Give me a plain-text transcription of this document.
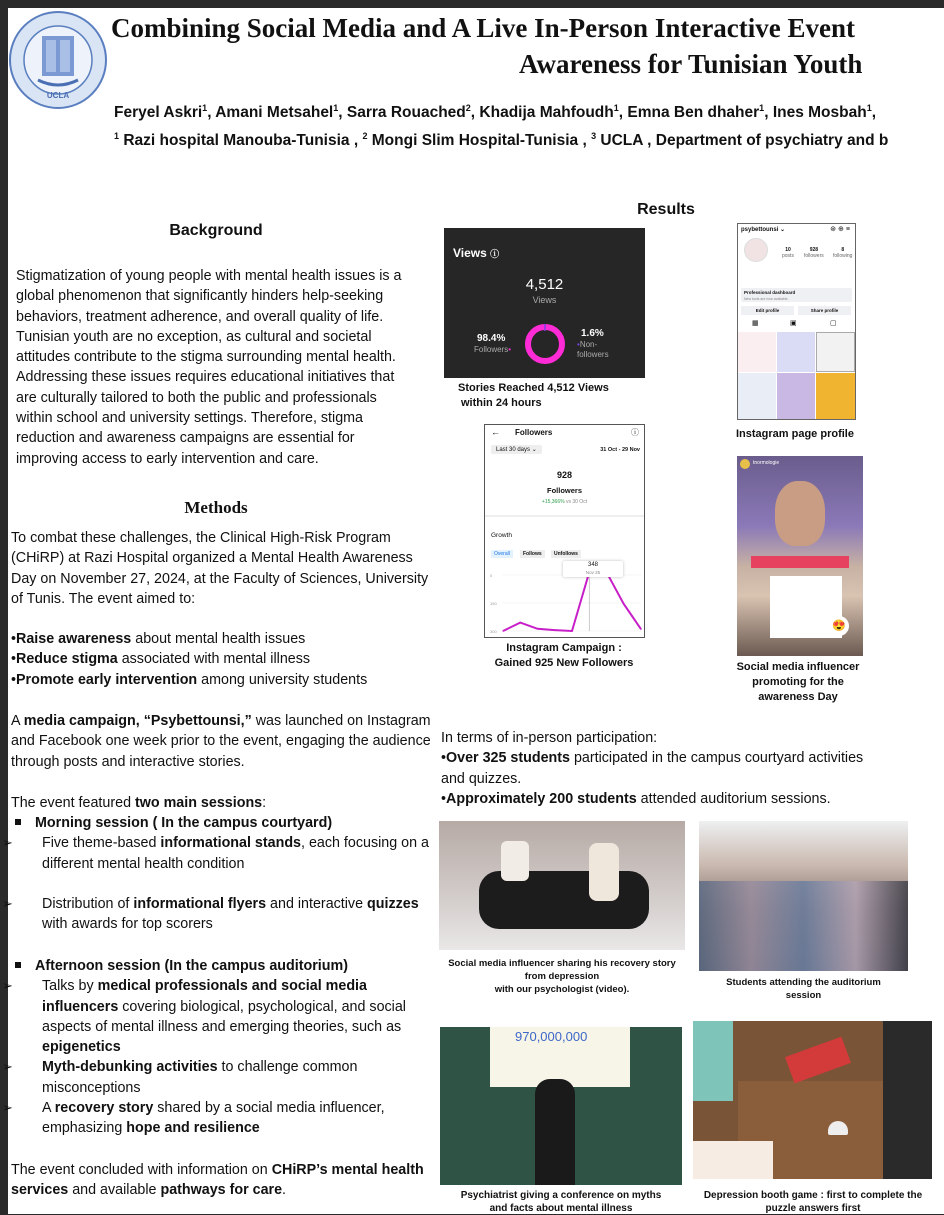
UCLA
Combining Social Media and A Live In-Person Interactive Event
Awareness for Tunisian Youth
Feryel Askri$^1$, Amani Metsahel$^1$, Sarra Rouached$^2$, Khadija Mahfoudh$^1$, Emna Ben dhaher$^1$, Ines Mosbah$^1$,
$^1$ Razi hospital Manouba-Tunisia , $^2$ Mongi Slim Hospital-Tunisia , $^3$ UCLA , Department of psychiatry and b
Background
Stigmatization of young people with mental health issues is a global phenomenon that significantly hinders help-seeking behaviors, treatment adherence, and overall quality of life. Tunisian youth are no exception, as cultural and societal attitudes contribute to the stigma surrounding mental health. Addressing these issues requires educational initiatives that are culturally tailored to both the public and professionals within school and university settings. Therefore, stigma reduction and awareness campaigns are essential for improving access to early intervention and care.
Methods
To combat these challenges, the Clinical High-Risk Program (CHiRP) at Razi Hospital organized a Mental Health Awareness Day on November 27, 2024, at the Faculty of Sciences, University of Tunis. The event aimed to:
•Raise awareness about mental health issues
•Reduce stigma associated with mental illness
•Promote early intervention among university students
A media campaign, “Psybettounsi,” was launched on Instagram and Facebook one week prior to the event, engaging the audience through posts and interactive stories.
The event featured two main sessions:
Morning session ( In the campus courtyard)
➢ Five theme-based informational stands, each focusing on a different mental health condition
➢ Distribution of informational flyers and interactive quizzes with awards for top scorers
Afternoon session (In the campus auditorium)
➢ Talks by medical professionals and social media influencers covering biological, psychological, and social aspects of mental illness and emerging theories, such as epigenetics
➢ Myth-debunking activities to challenge common misconceptions
➢ A recovery story shared by a social media influencer, emphasizing hope and resilience
The event concluded with information on CHiRP’s mental health services and available pathways for care.
Results
Views ⓘ
4,512
Views
98.4%
Followers•
1.6%
•Non-followers
Stories Reached 4,512 Views
within 24 hours
← Followers	ⓘ
Last 30 days ⌄	31 Oct - 29 Nov
928
Followers
+15,366% vs 30 Oct
Growth
Overall	Follows	Unfollows
300
150
0
348
Nov 25
Instagram Campaign :
Gained 925 New Followers
psybettounsi ⌄	⊛⊕≡
10
posts
928
followers
8
following
Professional dashboard
New tools are now available.
Edit profile	Share profile
▦	▣	▢
Instagram page profile
tnormologie
😍
Social media influencer
promoting for the
awareness Day
In terms of in-person participation:
•Over 325 students participated in the campus courtyard activities and quizzes.
•Approximately 200 students attended auditorium sessions.
Social media influencer sharing his recovery story
from depression
with our psychologist (video).
Students attending the auditorium
session
970,000,000
Psychiatrist giving a conference on myths
and facts about mental illness
Depression booth game : first to complete the
puzzle answers first
